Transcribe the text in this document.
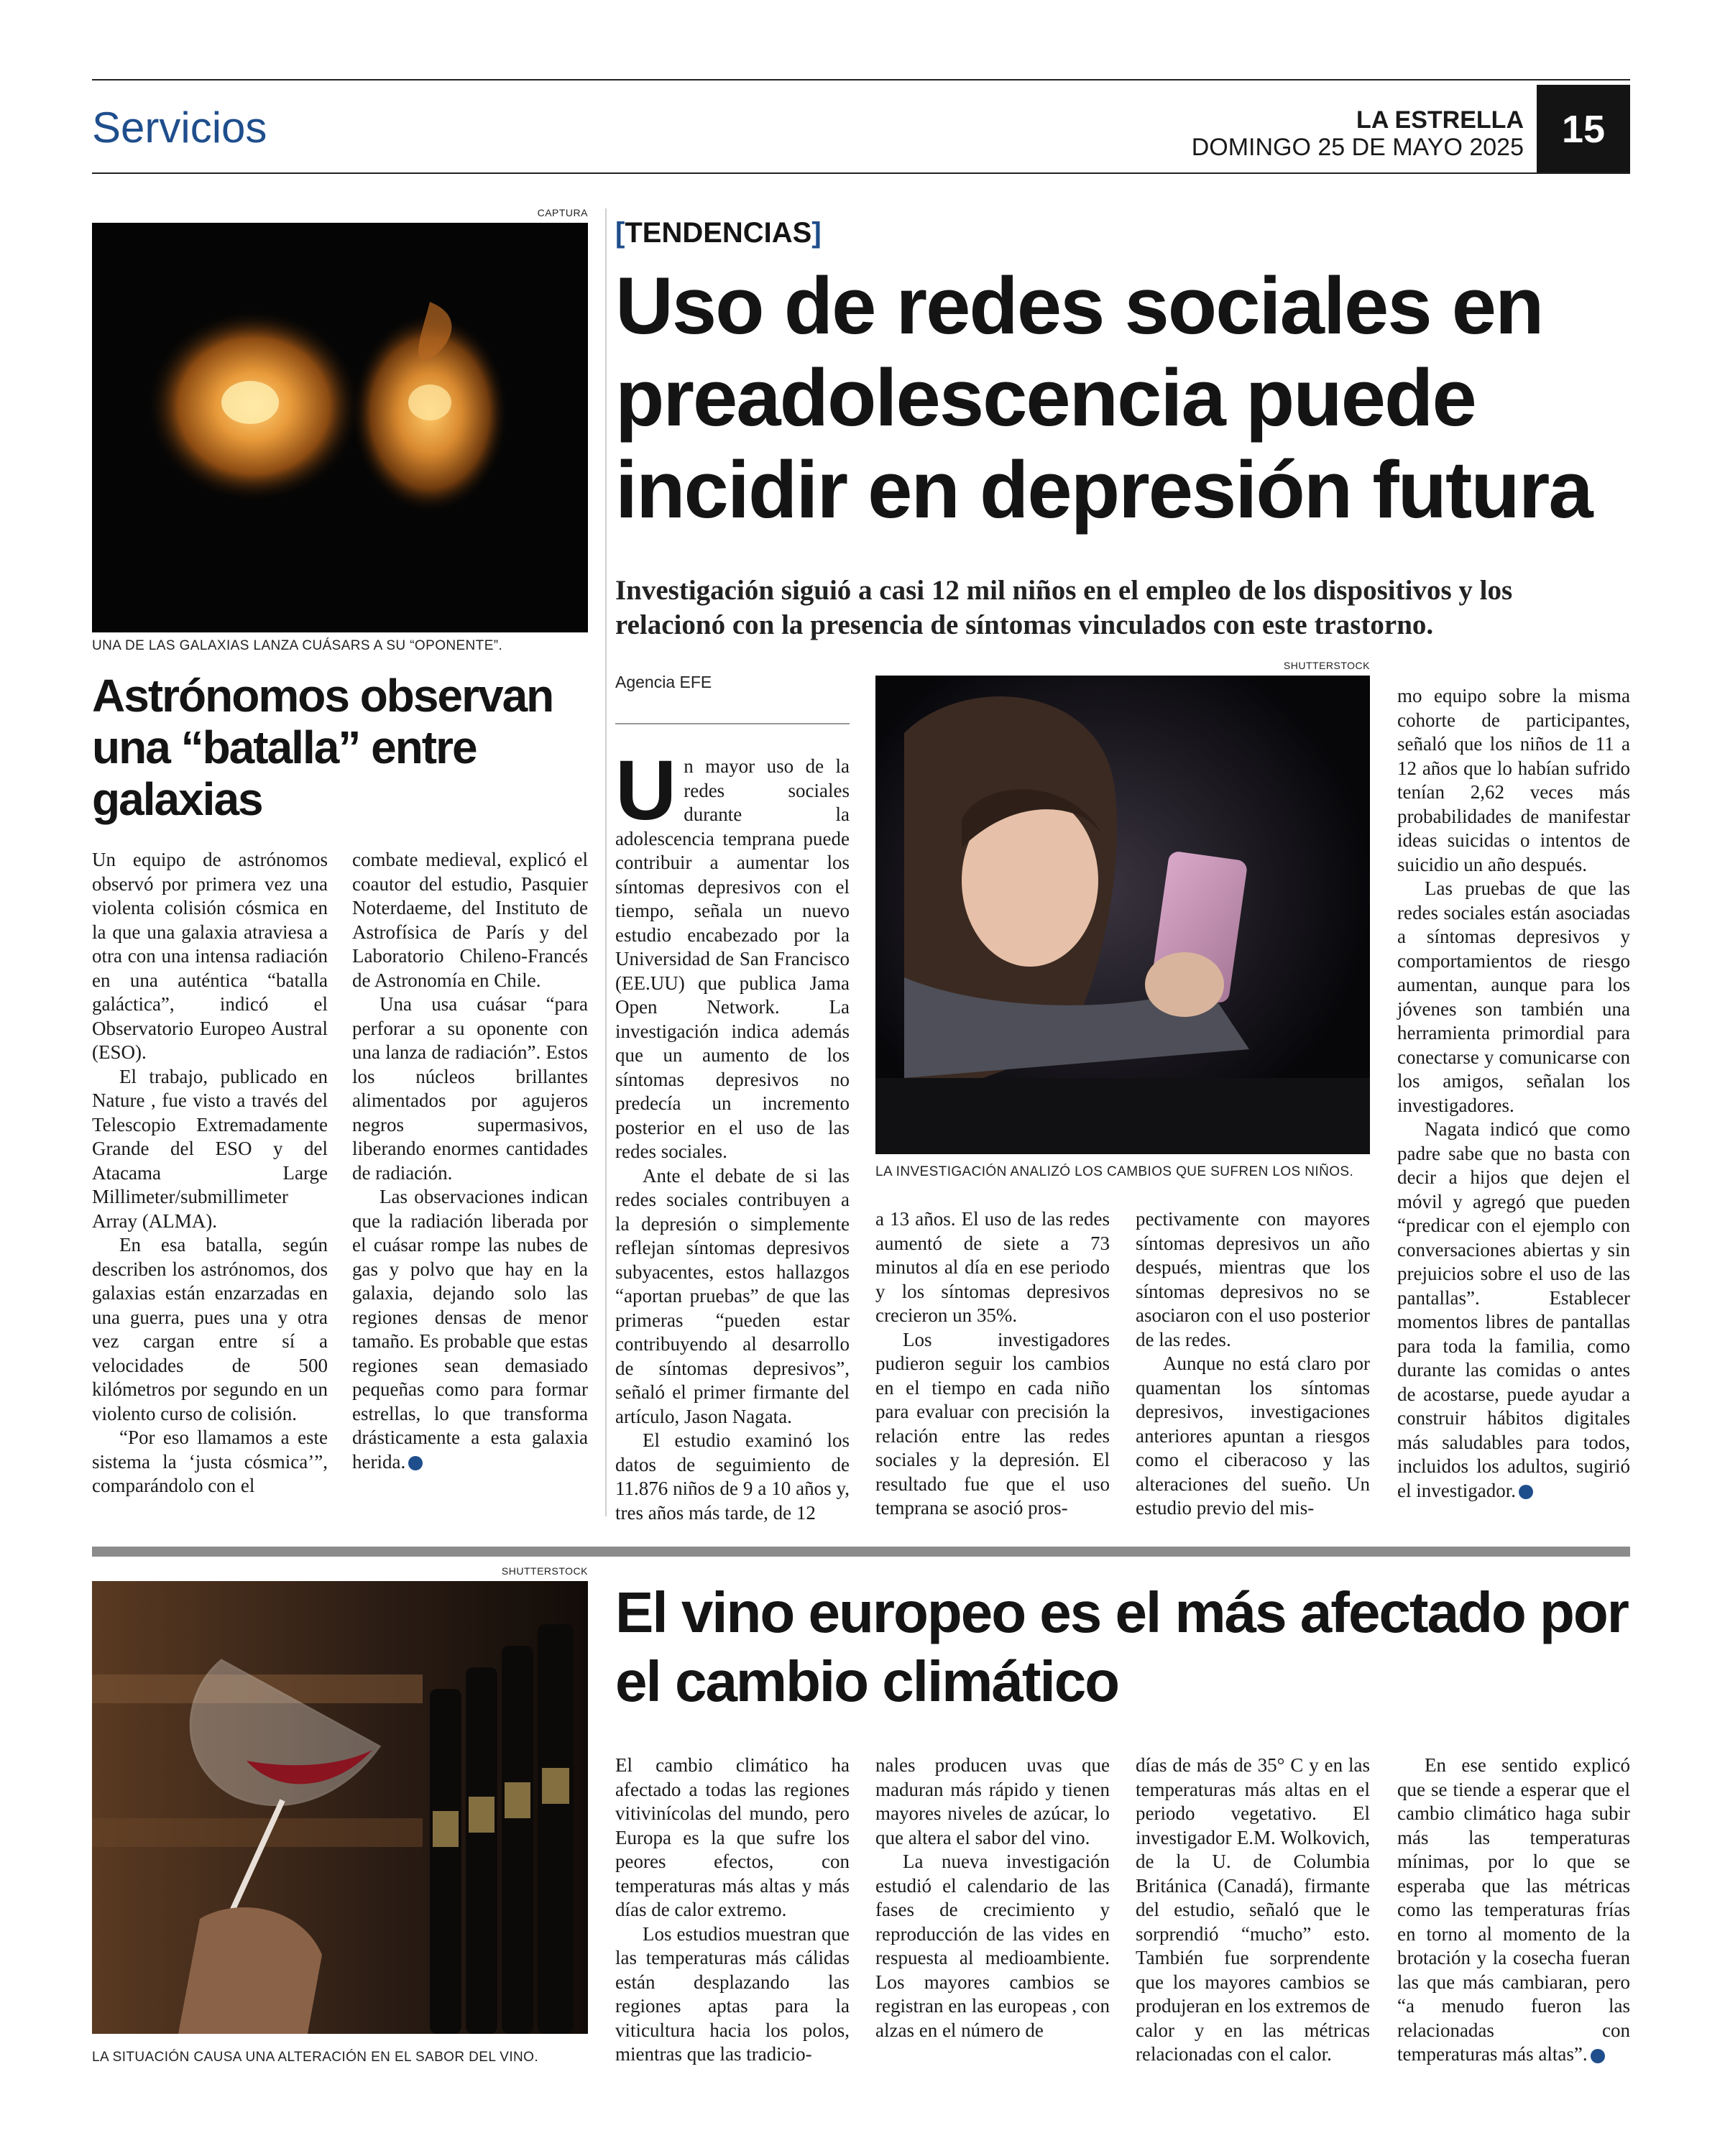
Servicios	LA ESTRELLA
DOMINGO 25 DE MAYO 2025 15
CAPTURA
UNA DE LAS GALAXIAS LANZA CUÁSARS A SU “OPONENTE”.
Astrónomos observan una “batalla” entre galaxias

Un equipo de astrónomos observó por primera vez una violenta colisión cósmica en la que una galaxia atraviesa a otra con una intensa radiación en una auténtica “batalla galáctica”, indicó el Observatorio Europeo Austral (ESO).

El trabajo, publicado en Nature , fue visto a través del Telescopio Extremadamente Grande del ESO y del Atacama Large Millimeter/submillimeter Array (ALMA).

En esa batalla, según describen los astrónomos, dos galaxias están enzarzadas en una guerra, pues una y otra vez cargan entre sí a velocidades de 500 kilómetros por segundo en un violento curso de colisión.

“Por eso llamamos a este sistema la ‘justa cósmica’”, comparándolo con el

combate medieval, explicó el coautor del estudio, Pasquier Noterdaeme, del Instituto de Astrofísica de París y del Laboratorio Chileno-Francés de Astronomía en Chile.

Una usa cuásar “para perforar a su oponente con una lanza de radiación”. Estos los núcleos brillantes alimentados por agujeros negros supermasivos, liberando enormes cantidades de radiación.

Las observaciones indican que la radiación liberada por el cuásar rompe las nubes de gas y polvo que hay en la galaxia, dejando solo las regiones densas de menor tamaño. Es probable que estas regiones sean demasiado pequeñas como para formar estrellas, lo que transforma drásticamente a esta galaxia herida.	➜

[TENDENCIAS]
Uso de redes sociales en preadolescencia puede incidir en depresión futura
Investigación siguió a casi 12 mil niños en el empleo de los dispositivos y los relacionó con la presencia de síntomas vinculados con este trastorno.
Agencia EFE

Un mayor uso de la redes sociales durante la adolescencia temprana puede contribuir a aumentar los síntomas depresivos con el tiempo, señala un nuevo estudio encabezado por la Universidad de San Francisco (EE.UU) que publica Jama Open Network. La investigación indica además que un aumento de los síntomas depresivos no predecía un incremento posterior en el uso de las redes sociales.

Ante el debate de si las redes sociales contribuyen a la depresión o simplemente reflejan síntomas depresivos subyacentes, estos hallazgos “aportan pruebas” de que las primeras “pueden estar contribuyendo al desarrollo de síntomas depresivos”, señaló el primer firmante del artículo, Jason Nagata.

El estudio examinó los datos de seguimiento de 11.876 niños de 9 a 10 años y, tres años más tarde, de 12

SHUTTERSTOCK
LA INVESTIGACIÓN ANALIZÓ LOS CAMBIOS QUE SUFREN LOS NIÑOS.

a 13 años. El uso de las redes aumentó de siete a 73 minutos al día en ese periodo y los síntomas depresivos crecieron un 35%.

Los investigadores pudieron seguir los cambios en el tiempo en cada niño para evaluar con precisión la relación entre las redes sociales y la depresión. El resultado fue que el uso temprana se asoció pros-

pectivamente con mayores síntomas depresivos un año después, mientras que los síntomas depresivos no se asociaron con el uso posterior de las redes.

Aunque no está claro por quamentan los síntomas depresivos, investigaciones anteriores apuntan a riesgos como el ciberacoso y las alteraciones del sueño. Un estudio previo del mis-

mo equipo sobre la misma cohorte de participantes, señaló que los niños de 11 a 12 años que lo habían sufrido tenían 2,62 veces más probabilidades de manifestar ideas suicidas o intentos de suicidio un año después.

Las pruebas de que las redes sociales están asociadas a síntomas depresivos y comportamientos de riesgo aumentan, aunque para los jóvenes son también una herramienta primordial para conectarse y comunicarse con los amigos, señalan los investigadores.

Nagata indicó que como padre sabe que no basta con decir a hijos que dejen el móvil y agregó que pueden “predicar con el ejemplo con conversaciones abiertas y sin prejuicios sobre el uso de las pantallas”. Establecer momentos libres de pantallas para toda la familia, como durante las comidas o antes de acostarse, puede ayudar a construir hábitos digitales más saludables para todos, incluidos los adultos, sugirió el investigador.	➜

SHUTTERSTOCK
LA SITUACIÓN CAUSA UNA ALTERACIÓN EN EL SABOR DEL VINO.
El vino europeo es el más afectado por el cambio climático

El cambio climático ha afectado a todas las regiones vitivinícolas del mundo, pero Europa es la que sufre los peores efectos, con temperaturas más altas y más días de calor extremo.

Los estudios muestran que las temperaturas más cálidas están desplazando las regiones aptas para la viticultura hacia los polos, mientras que las tradicio-

nales producen uvas que maduran más rápido y tienen mayores niveles de azúcar, lo que altera el sabor del vino.

La nueva investigación estudió el calendario de las fases de crecimiento y reproducción de las vides en respuesta al medioambiente. Los mayores cambios se registran en las europeas , con alzas en el número de

días de más de 35° C y en las temperaturas más altas en el periodo vegetativo. El investigador E.M. Wolkovich, de la U. de Columbia Británica (Canadá), firmante del estudio, señaló que le sorprendió “mucho” esto. También fue sorprendente que los mayores cambios se produjeran en los extremos de calor y en las métricas relacionadas con el calor.

En ese sentido explicó que se tiende a esperar que el cambio climático haga subir más las temperaturas mínimas, por lo que se esperaba que las métricas como las temperaturas frías en torno al momento de la brotación y la cosecha fueran las que más cambiaran, pero “a menudo fueron las relacionadas con temperaturas más altas”.	➜
